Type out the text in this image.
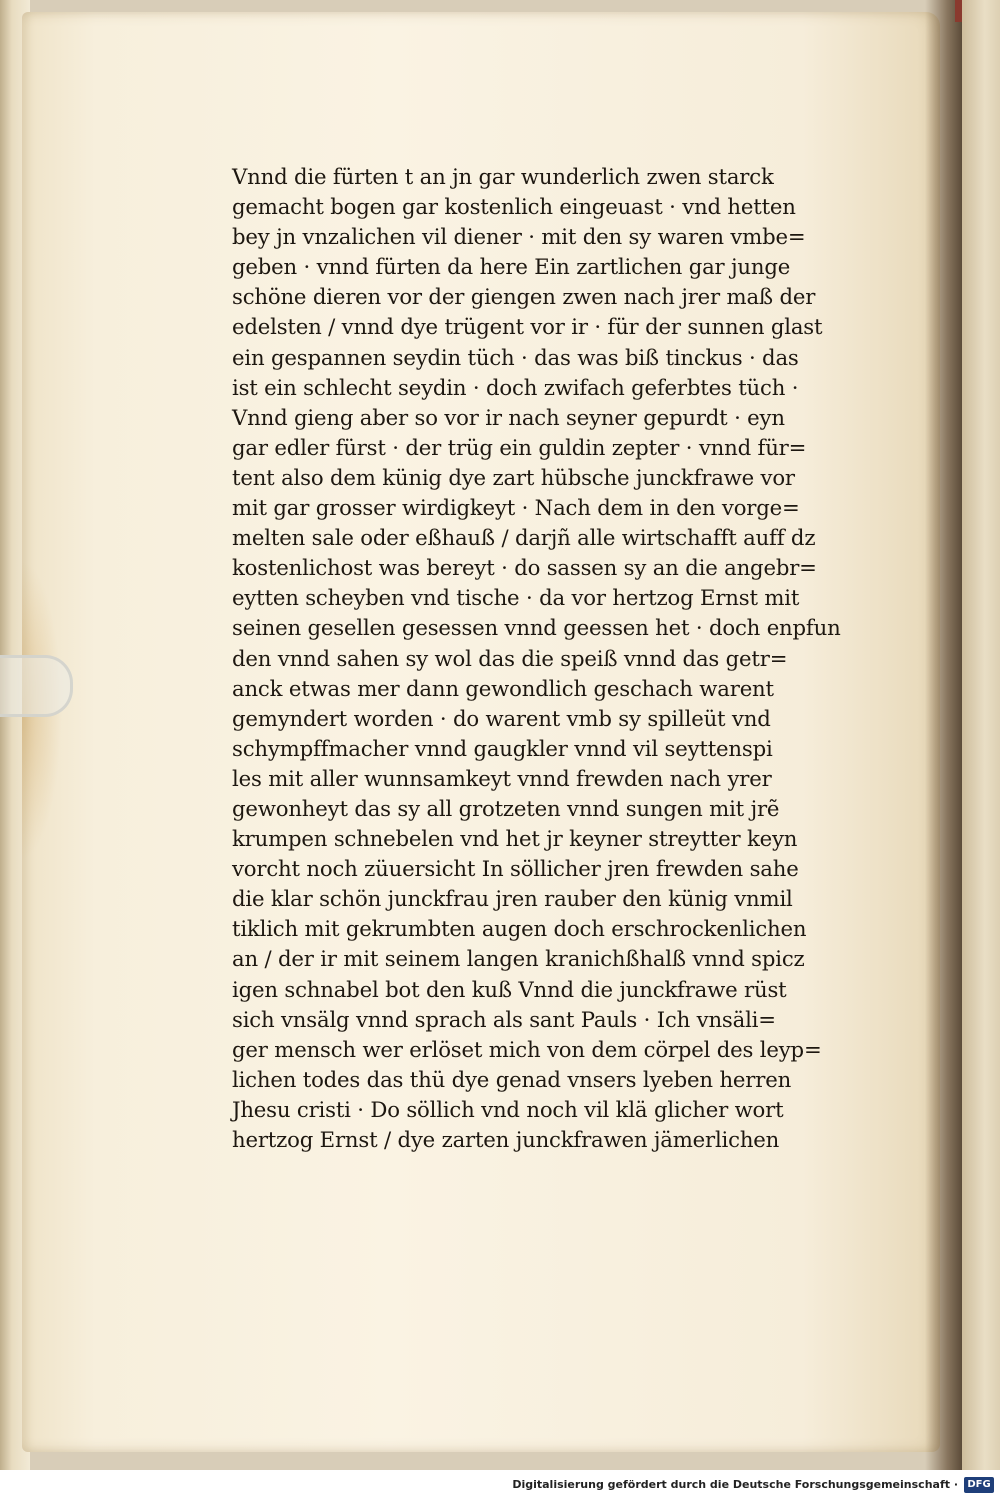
Vnnd die fürten t an jn gar wunderlich zwen starck
gemacht bogen gar kostenlich eingeuast · vnd hetten
bey jn vnzalichen vil diener · mit den sy waren vmbe=
geben · vnnd fürten da here Ein zartlichen gar junge
schöne dieren vor der giengen zwen nach jrer maß der
edelsten / vnnd dye trügent vor ir · für der sunnen glast
ein gespannen seydin tüch · das was biß tinckus · das
ist ein schlecht seydin · doch zwifach geferbtes tüch ·
Vnnd gieng aber so vor ir nach seyner gepurdt · eyn
gar edler fürst · der trüg ein guldin zepter · vnnd für=
tent also dem künig dye zart hübsche junckfrawe vor
mit gar grosser wirdigkeyt · Nach dem in den vorge=
melten sale oder eßhauß / darjñ alle wirtschafft auff dz
kostenlichost was bereyt · do sassen sy an die angebr=
eytten scheyben vnd tische · da vor hertzog Ernst mit
seinen gesellen gesessen vnnd geessen het · doch enpfun
den vnnd sahen sy wol das die speiß vnnd das getr=
anck etwas mer dann gewondlich geschach warent
gemyndert worden · do warent vmb sy spilleüt vnd
schympffmacher vnnd gaugkler vnnd vil seyttenspi
les mit aller wunnsamkeyt vnnd frewden nach yrer
gewonheyt das sy all grotzeten vnnd sungen mit jrẽ
krumpen schnebelen vnd het jr keyner streytter keyn
vorcht noch züuersicht In söllicher jren frewden sahe
die klar schön junckfrau jren rauber den künig vnmil
tiklich mit gekrumbten augen doch erschrockenlichen
an / der ir mit seinem langen kranichßhalß vnnd spicz
igen schnabel bot den kuß Vnnd die junckfrawe rüst
sich vnsälg vnnd sprach als sant Pauls · Ich vnsäli=
ger mensch wer erlöset mich von dem cörpel des leyp=
lichen todes das thü dye genad vnsers lyeben herren
Jhesu cristi · Do söllich vnd noch vil klä glicher wort
hertzog Ernst / dye zarten junckfrawen jämerlichen
Digitalisierung gefördert durch die Deutsche Forschungsgemeinschaft · DFG
